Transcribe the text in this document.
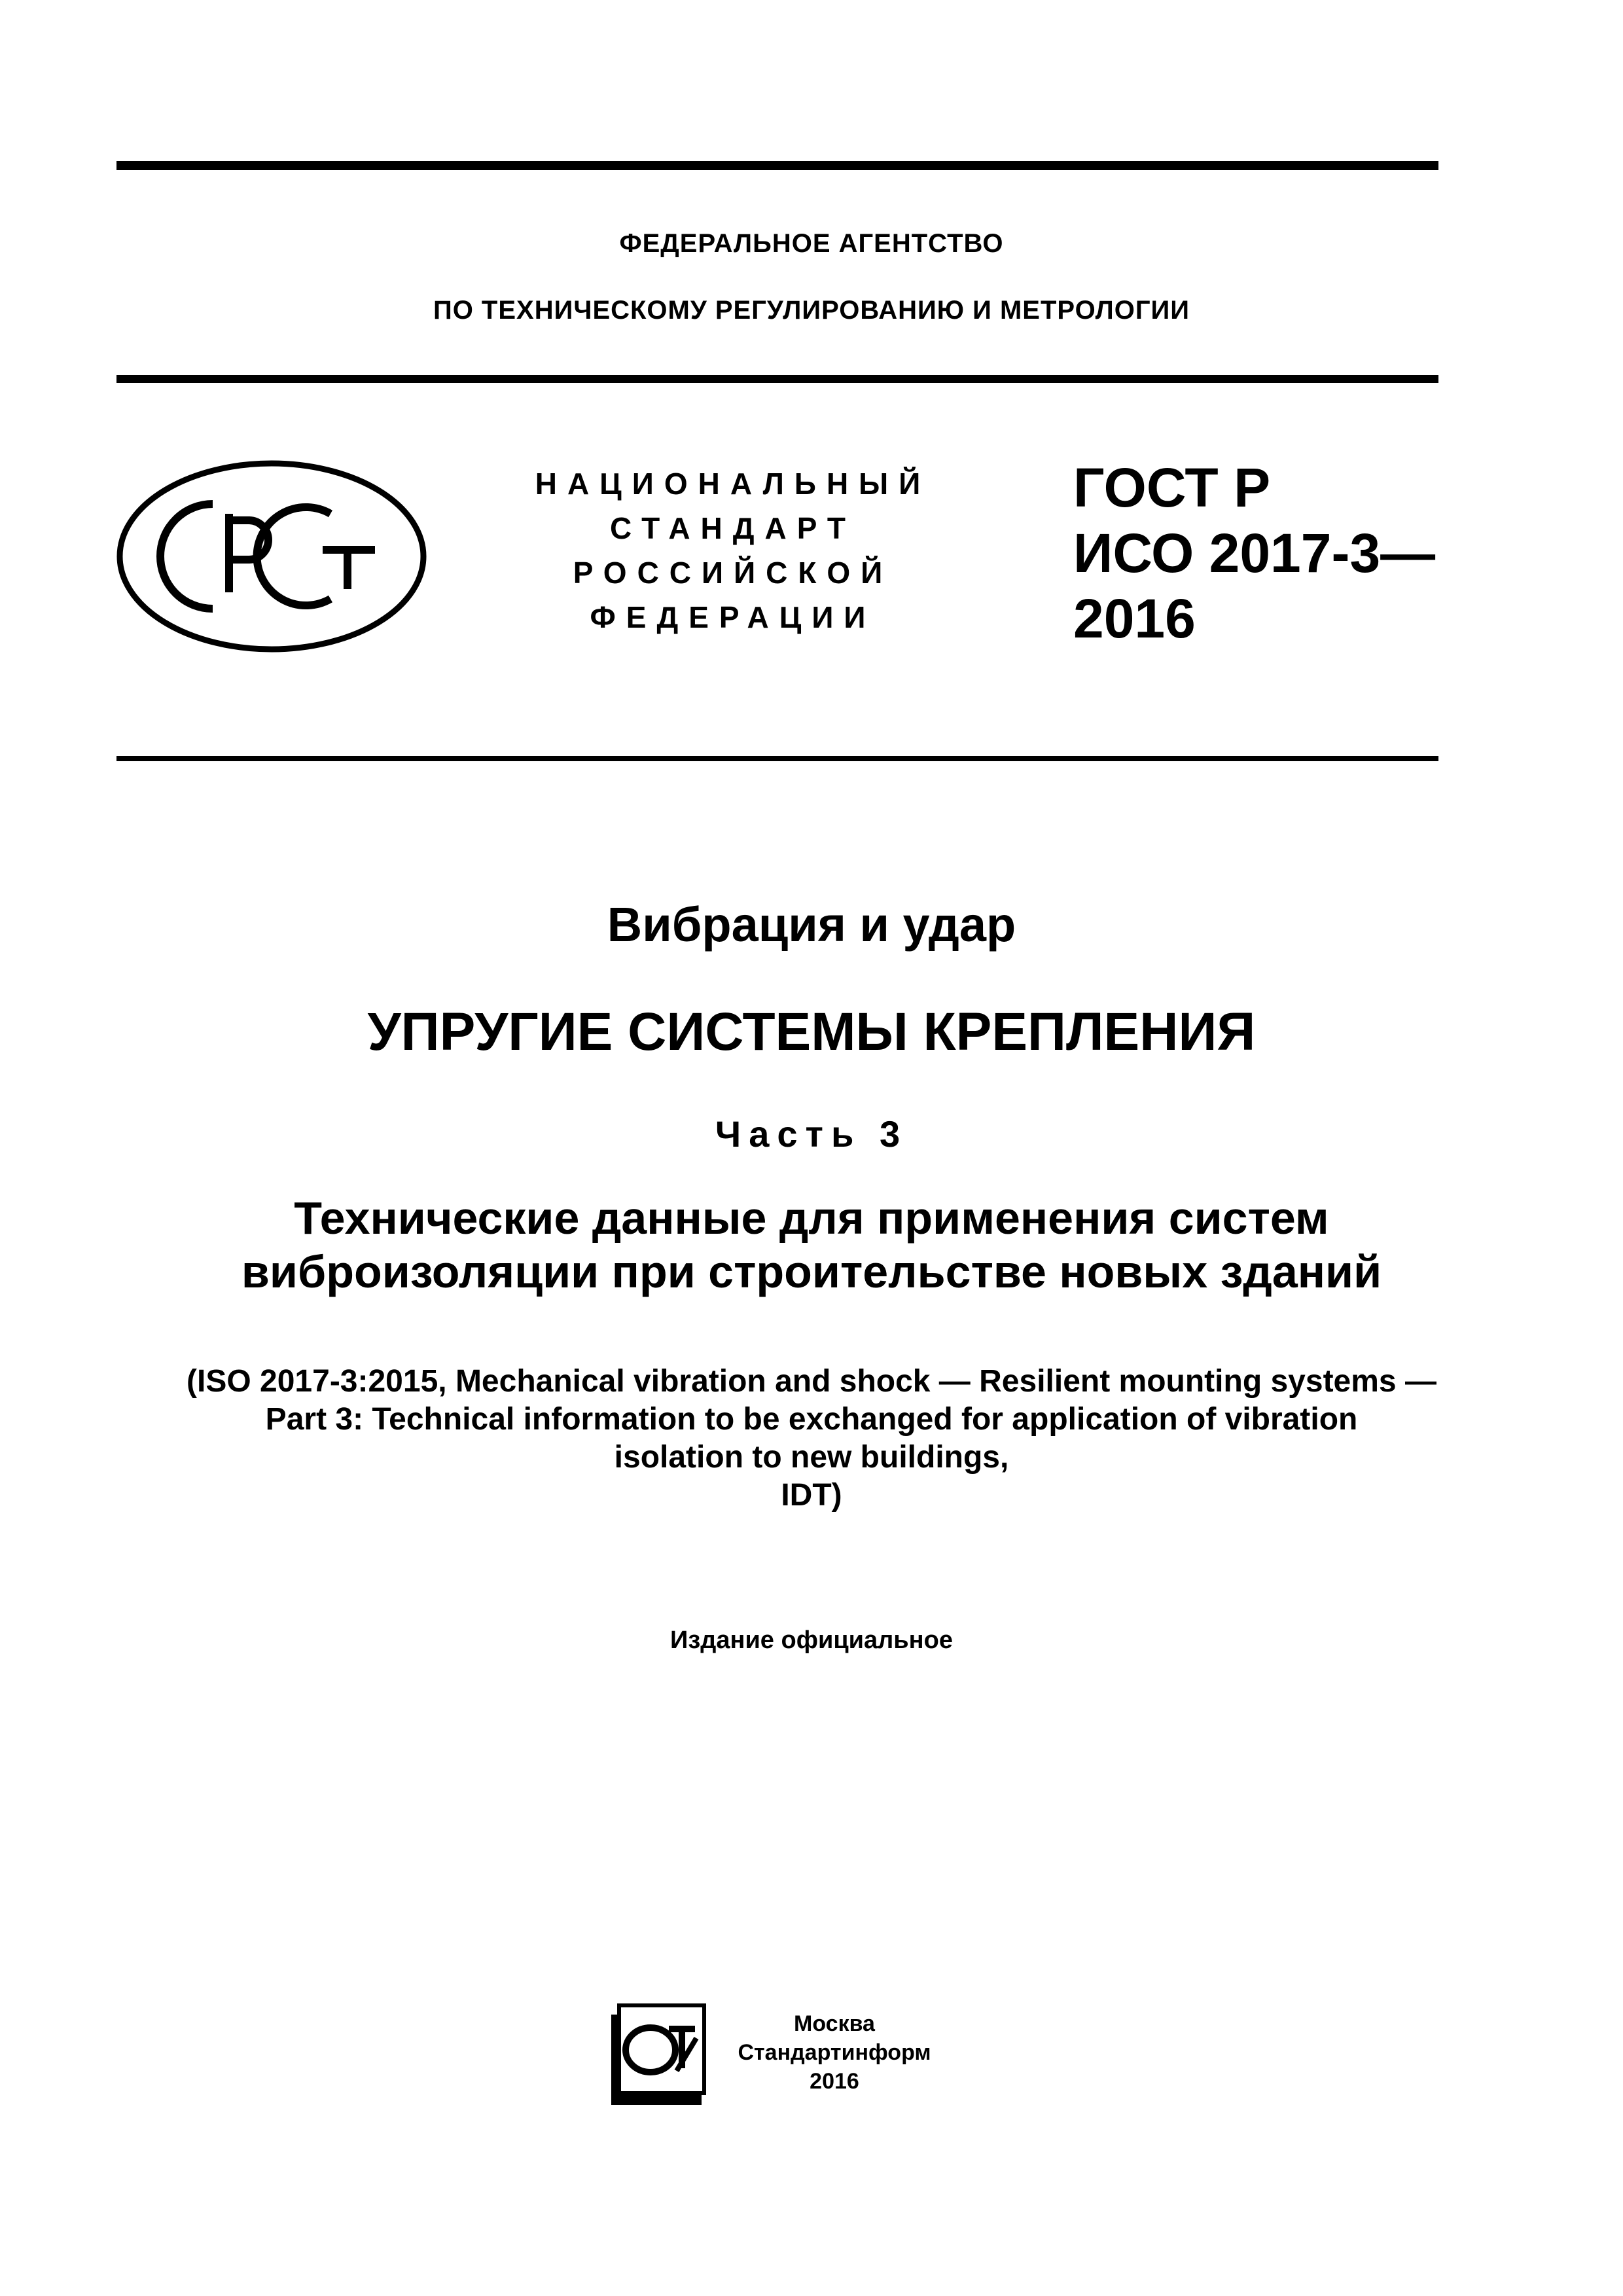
ФЕДЕРАЛЬНОЕ АГЕНТСТВО
ПО ТЕХНИЧЕСКОМУ РЕГУЛИРОВАНИЮ И МЕТРОЛОГИИ
НАЦИОНАЛЬНЫЙ
СТАНДАРТ
РОССИЙСКОЙ
ФЕДЕРАЦИИ
ГОСТ Р
ИСО 2017-3—
2016
Вибрация и удар
УПРУГИЕ СИСТЕМЫ КРЕПЛЕНИЯ
Часть 3
Технические данные для применения систем
виброизоляции при строительстве новых зданий
(ISO 2017-3:2015, Mechanical vibration and shock — Resilient mounting systems —
Part 3: Technical information to be exchanged for application of vibration
isolation to new buildings,
IDT)
Издание официальное
Москва
Стандартинформ
2016
